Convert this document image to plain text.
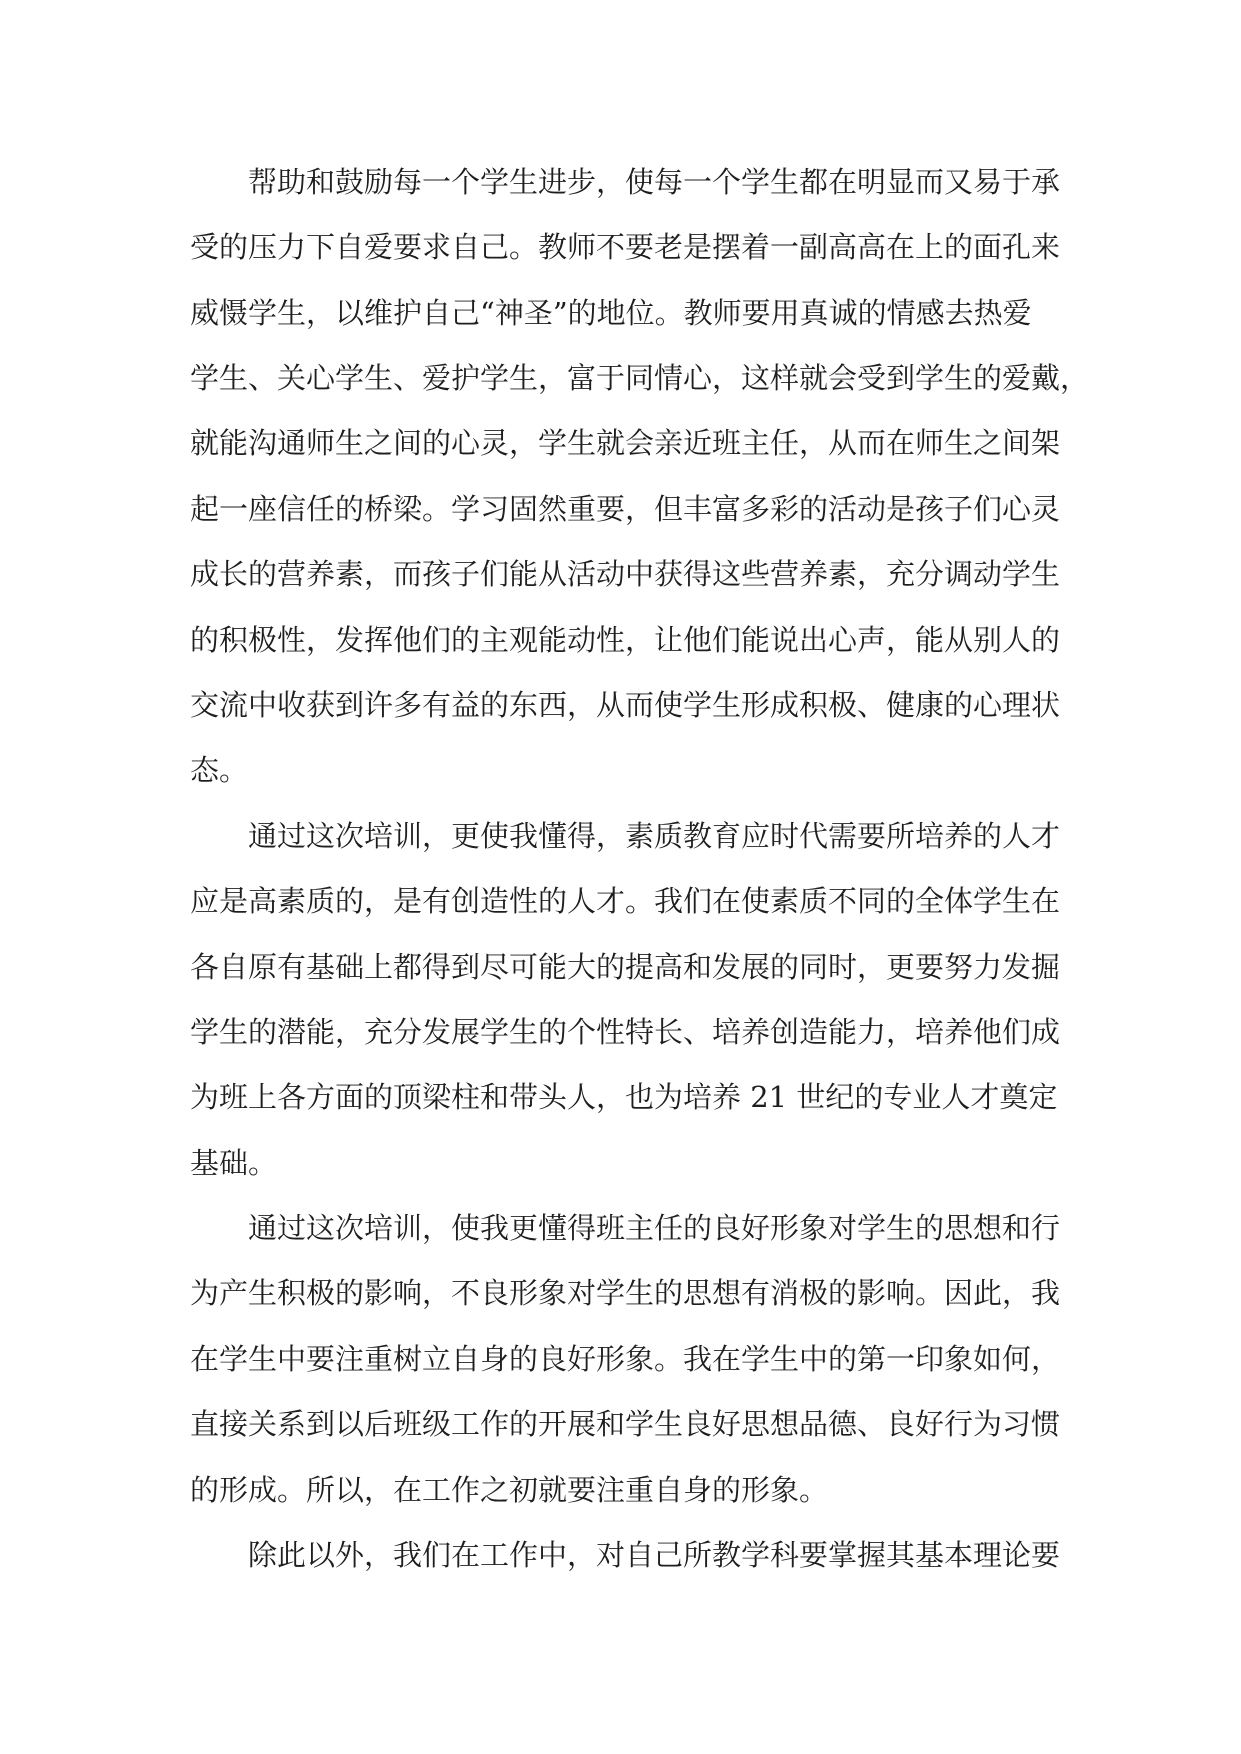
帮助和鼓励每一个学生进步，使每一个学生都在明显而又易于承

受的压力下自爱要求自己。教师不要老是摆着一副高高在上的面孔来

威慑学生，以维护自己“神圣”的地位。教师要用真诚的情感去热爱

学生、关心学生、爱护学生，富于同情心，这样就会受到学生的爱戴，

就能沟通师生之间的心灵，学生就会亲近班主任，从而在师生之间架

起一座信任的桥梁。学习固然重要，但丰富多彩的活动是孩子们心灵

成长的营养素，而孩子们能从活动中获得这些营养素，充分调动学生

的积极性，发挥他们的主观能动性，让他们能说出心声，能从别人的

交流中收获到许多有益的东西，从而使学生形成积极、健康的心理状

态。

通过这次培训，更使我懂得，素质教育应时代需要所培养的人才

应是高素质的，是有创造性的人才。我们在使素质不同的全体学生在

各自原有基础上都得到尽可能大的提高和发展的同时，更要努力发掘

学生的潜能，充分发展学生的个性特长、培养创造能力，培养他们成

为班上各方面的顶梁柱和带头人，也为培养 21 世纪的专业人才奠定

基础。

通过这次培训，使我更懂得班主任的良好形象对学生的思想和行

为产生积极的影响，不良形象对学生的思想有消极的影响。因此，我

在学生中要注重树立自身的良好形象。我在学生中的第一印象如何，

直接关系到以后班级工作的开展和学生良好思想品德、良好行为习惯

的形成。所以，在工作之初就要注重自身的形象。

除此以外，我们在工作中，对自己所教学科要掌握其基本理论要
